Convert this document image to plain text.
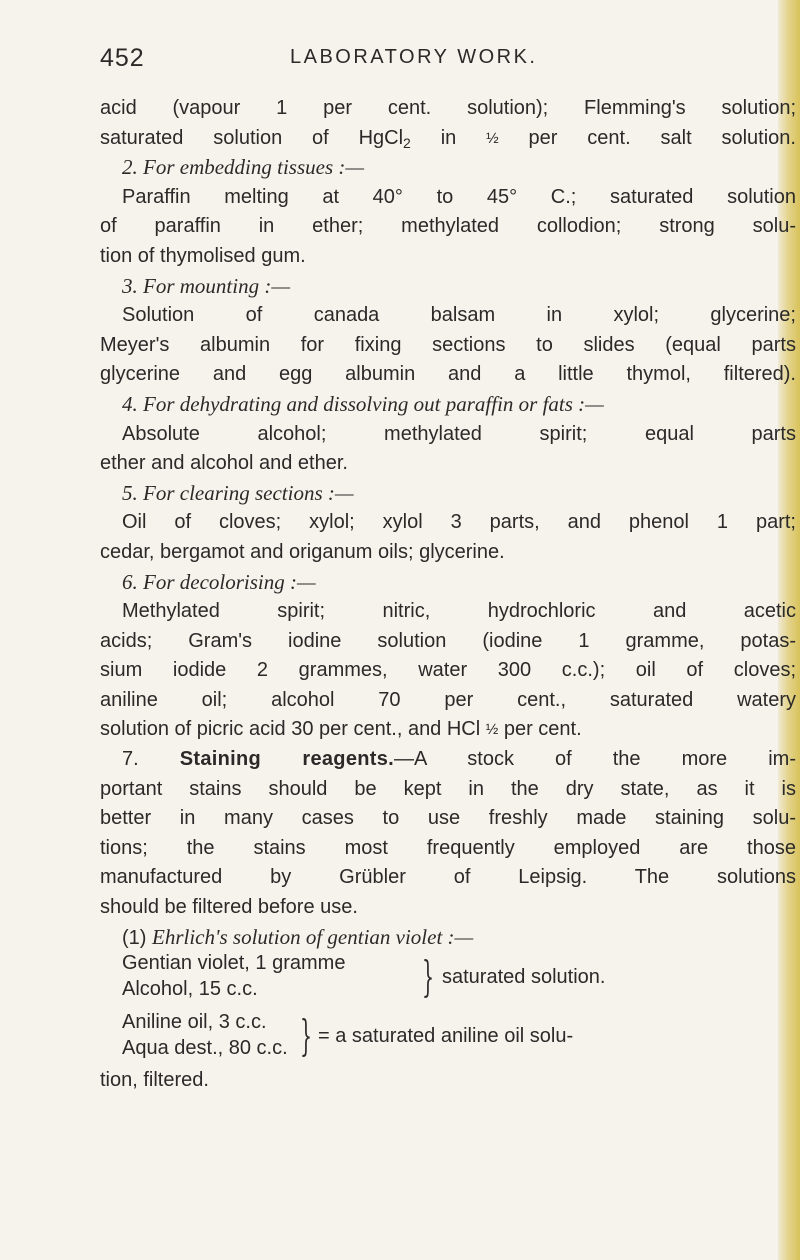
452	LABORATORY WORK.
acid (vapour 1 per cent. solution); Flemming's solution;
saturated solution of HgCl$_2$ in ½ per cent. salt solution.
2. For embedding tissues :—
Paraffin melting at 40° to 45° C.; saturated solution
of paraffin in ether; methylated collodion; strong solu-
tion of thymolised gum.
3. For mounting :—
Solution of canada balsam in xylol; glycerine;
Meyer's albumin for fixing sections to slides (equal parts
glycerine and egg albumin and a little thymol, filtered).
4. For dehydrating and dissolving out paraffin or fats :—
Absolute alcohol; methylated spirit; equal parts
ether and alcohol and ether.
5. For clearing sections :—
Oil of cloves; xylol; xylol 3 parts, and phenol 1 part;
cedar, bergamot and origanum oils; glycerine.
6. For decolorising :—
Methylated spirit; nitric, hydrochloric and acetic
acids; Gram's iodine solution (iodine 1 gramme, potas-
sium iodide 2 grammes, water 300 c.c.); oil of cloves;
aniline oil; alcohol 70 per cent., saturated watery
solution of picric acid 30 per cent., and HCl ½ per cent.
7. Staining reagents.—A stock of the more im-
portant stains should be kept in the dry state, as it is
better in many cases to use freshly made staining solu-
tions; the stains most frequently employed are those
manufactured by Grübler of Leipsig. The solutions
should be filtered before use.
(1) Ehrlich's solution of gentian violet :—
Gentian violet, 1 gramme
Alcohol, 15 c.c.	} saturated solution.
Aniline oil, 3 c.c.
Aqua dest., 80 c.c. } = a saturated aniline oil solu-
tion, filtered.
